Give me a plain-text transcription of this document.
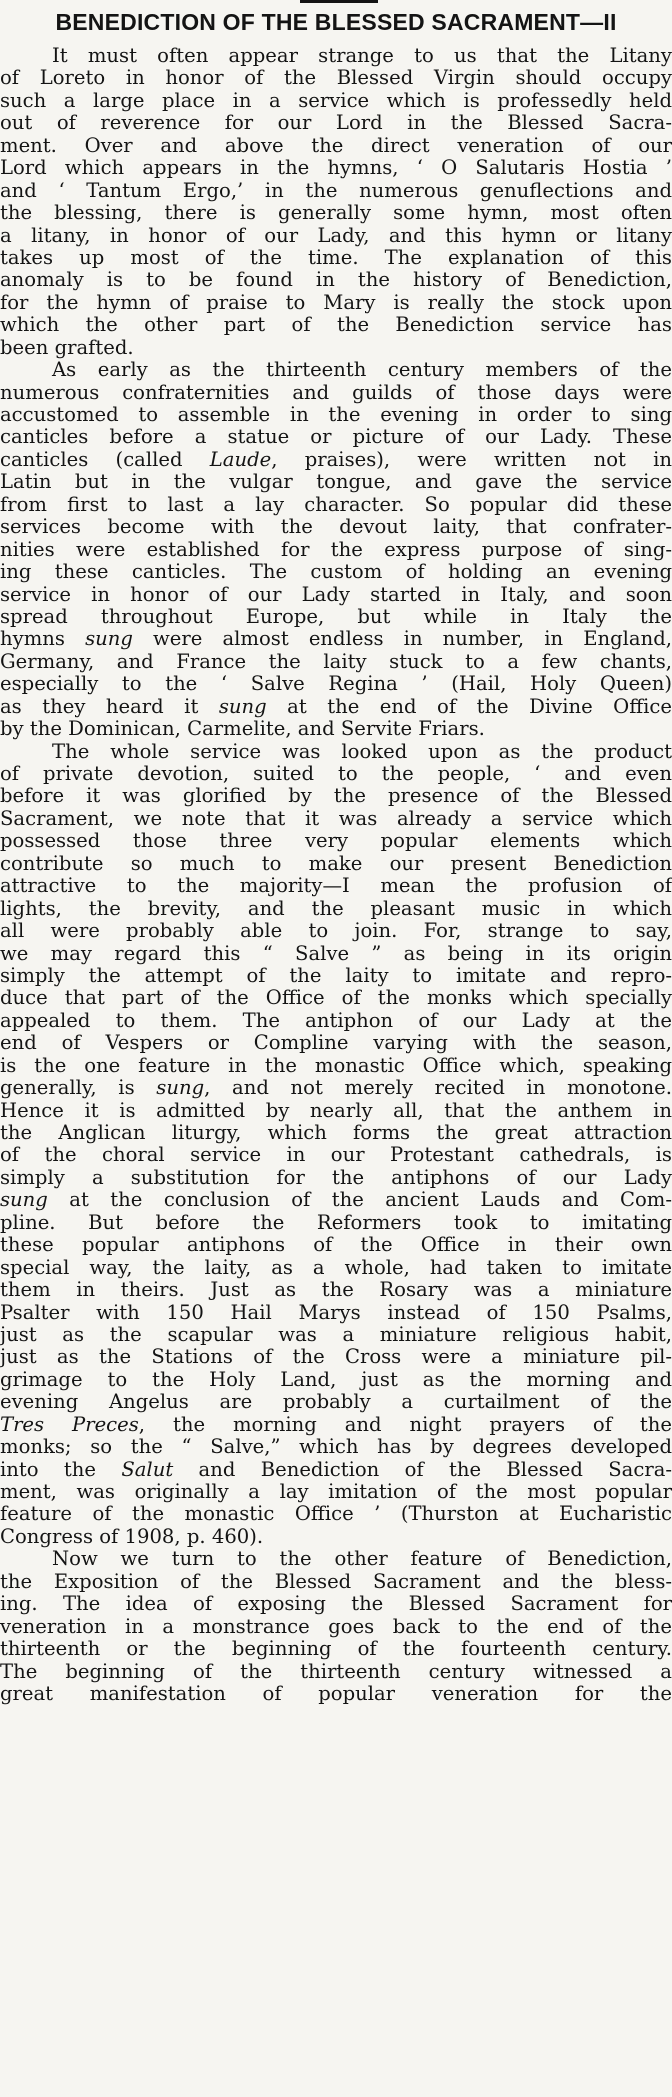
BENEDICTION OF THE BLESSED SACRAMENT—II
It must often appear strange to us that the Litany
of Loreto in honor of the Blessed Virgin should occupy
such a large place in a service which is professedly held
out of reverence for our Lord in the Blessed Sacra-
ment. Over and above the direct veneration of our
Lord which appears in the hymns, ‘ O Salutaris Hostia ’
and ‘ Tantum Ergo,’ in the numerous genuflections and
the blessing, there is generally some hymn, most often
a litany, in honor of our Lady, and this hymn or litany
takes up most of the time. The explanation of this
anomaly is to be found in the history of Benediction,
for the hymn of praise to Mary is really the stock upon
which the other part of the Benediction service has
been grafted.
As early as the thirteenth century members of the
numerous confraternities and guilds of those days were
accustomed to assemble in the evening in order to sing
canticles before a statue or picture of our Lady. These
canticles (called Laude, praises), were written not in
Latin but in the vulgar tongue, and gave the service
from first to last a lay character. So popular did these
services become with the devout laity, that confrater-
nities were established for the express purpose of sing-
ing these canticles. The custom of holding an evening
service in honor of our Lady started in Italy, and soon
spread throughout Europe, but while in Italy the
hymns sung were almost endless in number, in England,
Germany, and France the laity stuck to a few chants,
especially to the ‘ Salve Regina ’ (Hail, Holy Queen)
as they heard it sung at the end of the Divine Office
by the Dominican, Carmelite, and Servite Friars.
The whole service was looked upon as the product
of private devotion, suited to the people, ‘ and even
before it was glorified by the presence of the Blessed
Sacrament, we note that it was already a service which
possessed those three very popular elements which
contribute so much to make our present Benediction
attractive to the majority—I mean the profusion of
lights, the brevity, and the pleasant music in which
all were probably able to join. For, strange to say,
we may regard this “ Salve ” as being in its origin
simply the attempt of the laity to imitate and repro-
duce that part of the Office of the monks which specially
appealed to them. The antiphon of our Lady at the
end of Vespers or Compline varying with the season,
is the one feature in the monastic Office which, speaking
generally, is sung, and not merely recited in monotone.
Hence it is admitted by nearly all, that the anthem in
the Anglican liturgy, which forms the great attraction
of the choral service in our Protestant cathedrals, is
simply a substitution for the antiphons of our Lady
sung at the conclusion of the ancient Lauds and Com-
pline. But before the Reformers took to imitating
these popular antiphons of the Office in their own
special way, the laity, as a whole, had taken to imitate
them in theirs. Just as the Rosary was a miniature
Psalter with 150 Hail Marys instead of 150 Psalms,
just as the scapular was a miniature religious habit,
just as the Stations of the Cross were a miniature pil-
grimage to the Holy Land, just as the morning and
evening Angelus are probably a curtailment of the
Tres Preces, the morning and night prayers of the
monks; so the “ Salve,” which has by degrees developed
into the Salut and Benediction of the Blessed Sacra-
ment, was originally a lay imitation of the most popular
feature of the monastic Office ’ (Thurston at Eucharistic
Congress of 1908, p. 460).
Now we turn to the other feature of Benediction,
the Exposition of the Blessed Sacrament and the bless-
ing. The idea of exposing the Blessed Sacrament for
veneration in a monstrance goes back to the end of the
thirteenth or the beginning of the fourteenth century.
The beginning of the thirteenth century witnessed a
great manifestation of popular veneration for the
